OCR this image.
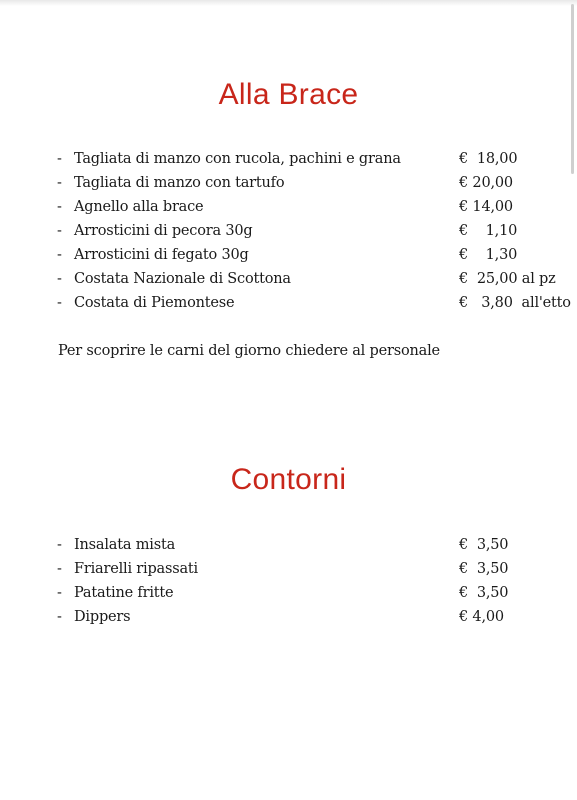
Alla Brace
- Tagliata di manzo con rucola, pachini e grana	€  18,00
- Tagliata di manzo con tartufo	€ 20,00
- Agnello alla brace	€ 14,00
- Arrosticini di pecora 30g	€    1,10
- Arrosticini di fegato 30g	€    1,30
- Costata Nazionale di Scottona	€  25,00 al pz
- Costata di Piemontese	€   3,80  all'etto

Per scoprire le carni del giorno chiedere al personale

Contorni
- Insalata mista	€  3,50
- Friarelli ripassati	€  3,50
- Patatine fritte	€  3,50
- Dippers	€ 4,00
